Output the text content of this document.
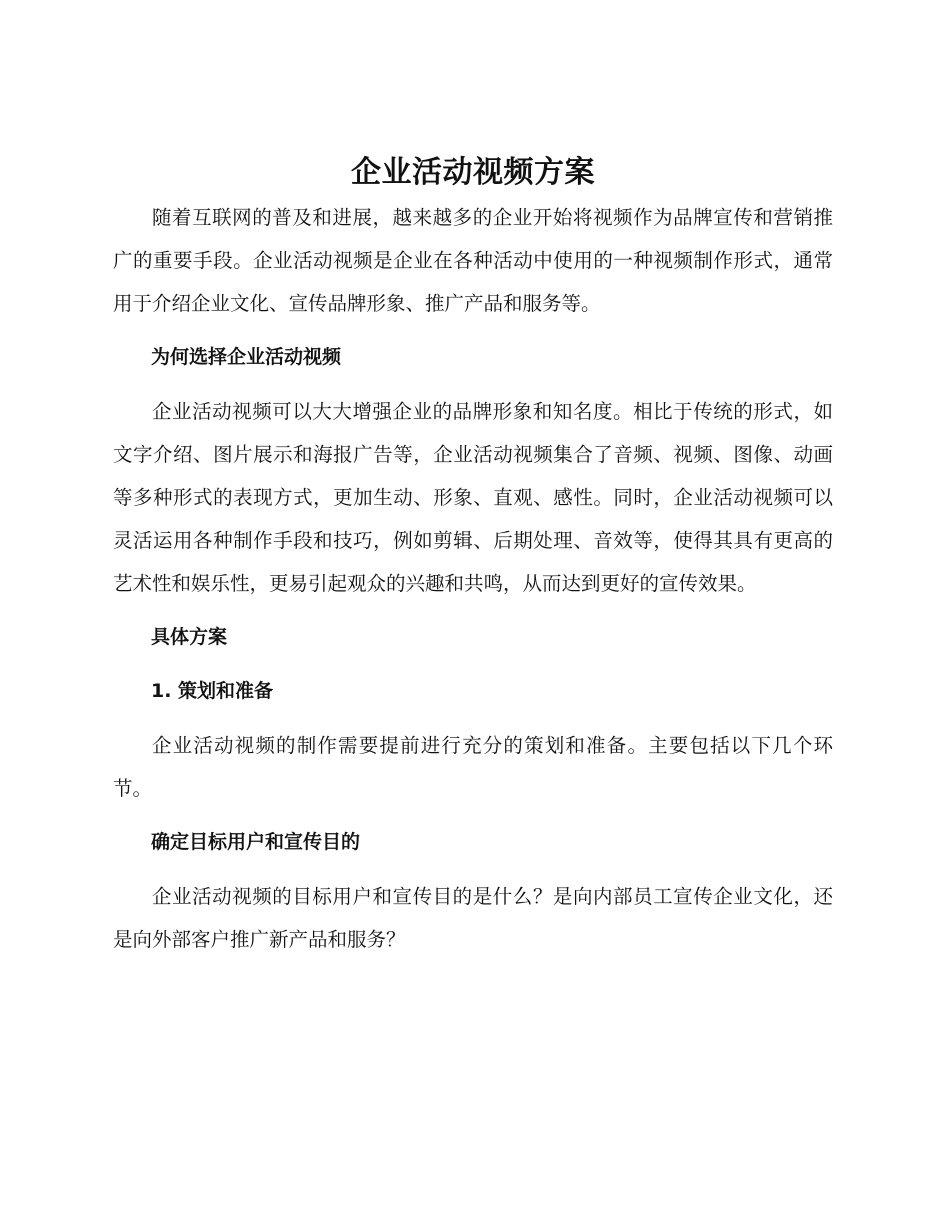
企业活动视频方案

随着互联网的普及和进展，越来越多的企业开始将视频作为品牌宣传和营销推广的重要手段。企业活动视频是企业在各种活动中使用的一种视频制作形式，通常用于介绍企业文化、宣传品牌形象、推广产品和服务等。

为何选择企业活动视频

企业活动视频可以大大增强企业的品牌形象和知名度。相比于传统的形式，如文字介绍、图片展示和海报广告等，企业活动视频集合了音频、视频、图像、动画等多种形式的表现方式，更加生动、形象、直观、感性。同时，企业活动视频可以灵活运用各种制作手段和技巧，例如剪辑、后期处理、音效等，使得其具有更高的艺术性和娱乐性，更易引起观众的兴趣和共鸣，从而达到更好的宣传效果。

具体方案

1. 策划和准备

企业活动视频的制作需要提前进行充分的策划和准备。主要包括以下几个环节。

确定目标用户和宣传目的

企业活动视频的目标用户和宣传目的是什么？是向内部员工宣传企业文化，还是向外部客户推广新产品和服务？
